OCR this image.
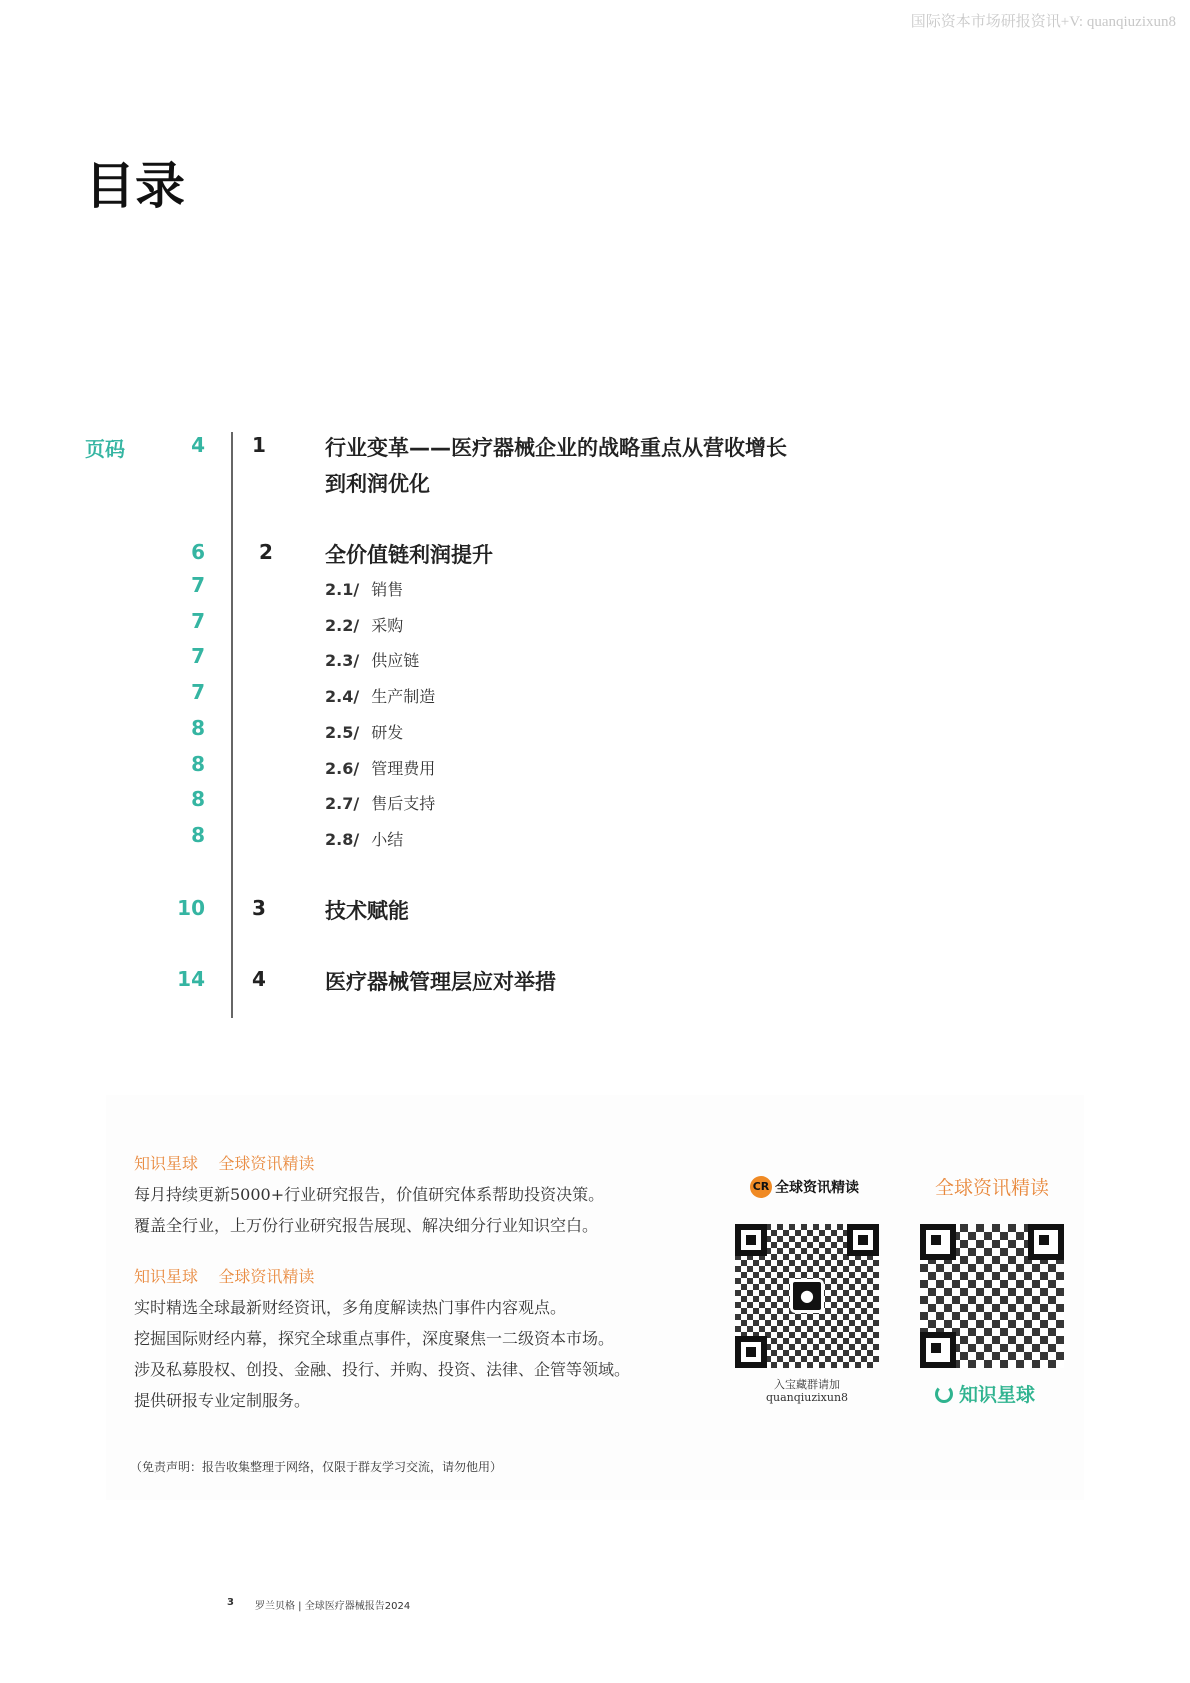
国际资本市场研报资讯+V: quanqiuzixun8
目录
页码	4 1	行业变革——医疗器械企业的战略重点从营收增长
到利润优化
6	2 全价值链利润提升
7	2.1/ 销售
7	2.2/ 采购
7	2.3/ 供应链
7	2.4/ 生产制造
8	2.5/ 研发
8	2.6/ 管理费用
8	2.7/ 售后支持
8	2.8/ 小结
10 3	技术赋能
14 4	医疗器械管理层应对举措
知识星球 全球资讯精读
每月持续更新5000+行业研究报告，价值研究体系帮助投资决策。
覆盖全行业，上万份行业研究报告展现、解决细分行业知识空白。
知识星球 全球资讯精读
实时精选全球最新财经资讯，多角度解读热门事件内容观点。
挖掘国际财经内幕，探究全球重点事件，深度聚焦一二级资本市场。
涉及私募股权、创投、金融、投行、并购、投资、法律、企管等领域。
提供研报专业定制服务。
（免责声明：报告收集整理于网络，仅限于群友学习交流，请勿他用）
CR 全球资讯精读
●
入宝藏群请加
quanqiuzixun8
全球资讯精读
知识星球
3 罗兰贝格 | 全球医疗器械报告2024
